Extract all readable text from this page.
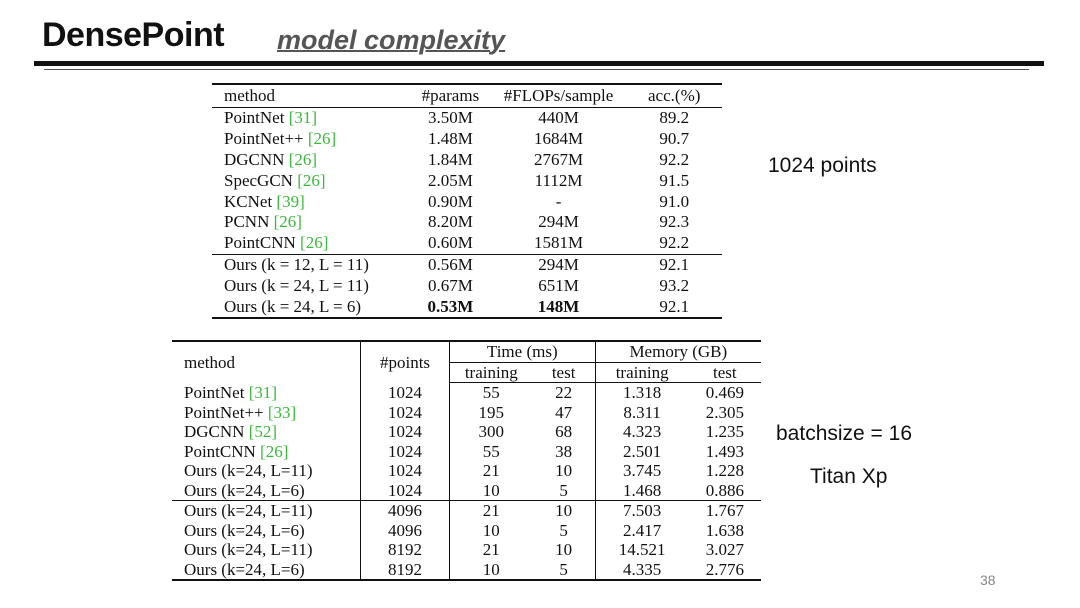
DensePoint model complexity
method	#params	#FLOPs/sample	acc.(%)
PointNet [31]	3.50M	440M	89.2
PointNet++ [26]	1.48M	1684M	90.7
DGCNN [26]	1.84M	2767M	92.2
SpecGCN [26]	2.05M	1112M	91.5
KCNet [39]	0.90M	-	91.0
PCNN [26]	8.20M	294M	92.3
PointCNN [26]	0.60M	1581M	92.2
Ours (k = 12, L = 11)	0.56M	294M	92.1
Ours (k = 24, L = 11)	0.67M	651M	93.2
Ours (k = 24, L = 6)	0.53M	148M	92.1
1024 points
method	#points	Time (ms)		Memory (GB)	
		training	test	training	test
PointNet [31]	1024	55	22	1.318	0.469
PointNet++ [33]	1024	195	47	8.311	2.305
DGCNN [52]	1024	300	68	4.323	1.235
PointCNN [26]	1024	55	38	2.501	1.493
Ours (k=24, L=11)	1024	21	10	3.745	1.228
Ours (k=24, L=6)	1024	10	5	1.468	0.886
Ours (k=24, L=11)	4096	21	10	7.503	1.767
Ours (k=24, L=6)	4096	10	5	2.417	1.638
Ours (k=24, L=11)	8192	21	10	14.521	3.027
Ours (k=24, L=6)	8192	10	5	4.335	2.776
batchsize = 16
Titan Xp
38
